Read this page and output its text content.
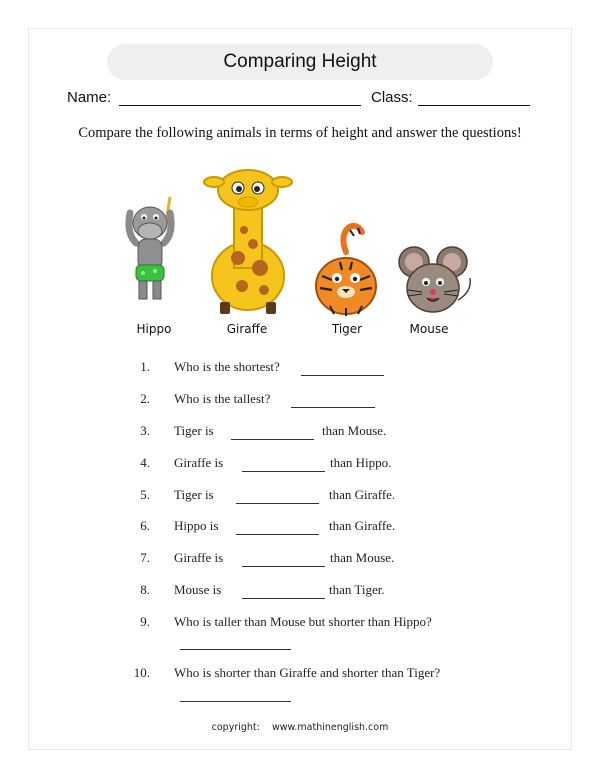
Comparing Height
Name:	Class:
Compare the following animals in terms of height and answer the questions!
Hippo	Giraffe	Tiger	Mouse
1. Who is the shortest?
2. Who is the tallest?
3. Tiger is	than Mouse.
4. Giraffe is	than Hippo.
5. Tiger is	than Giraffe.
6. Hippo is	than Giraffe.
7. Giraffe is	than Mouse.
8. Mouse is	than Tiger.
9. Who is taller than Mouse but shorter than Hippo?
10. Who is shorter than Giraffe and shorter than Tiger?
copyright: www.mathinenglish.com
